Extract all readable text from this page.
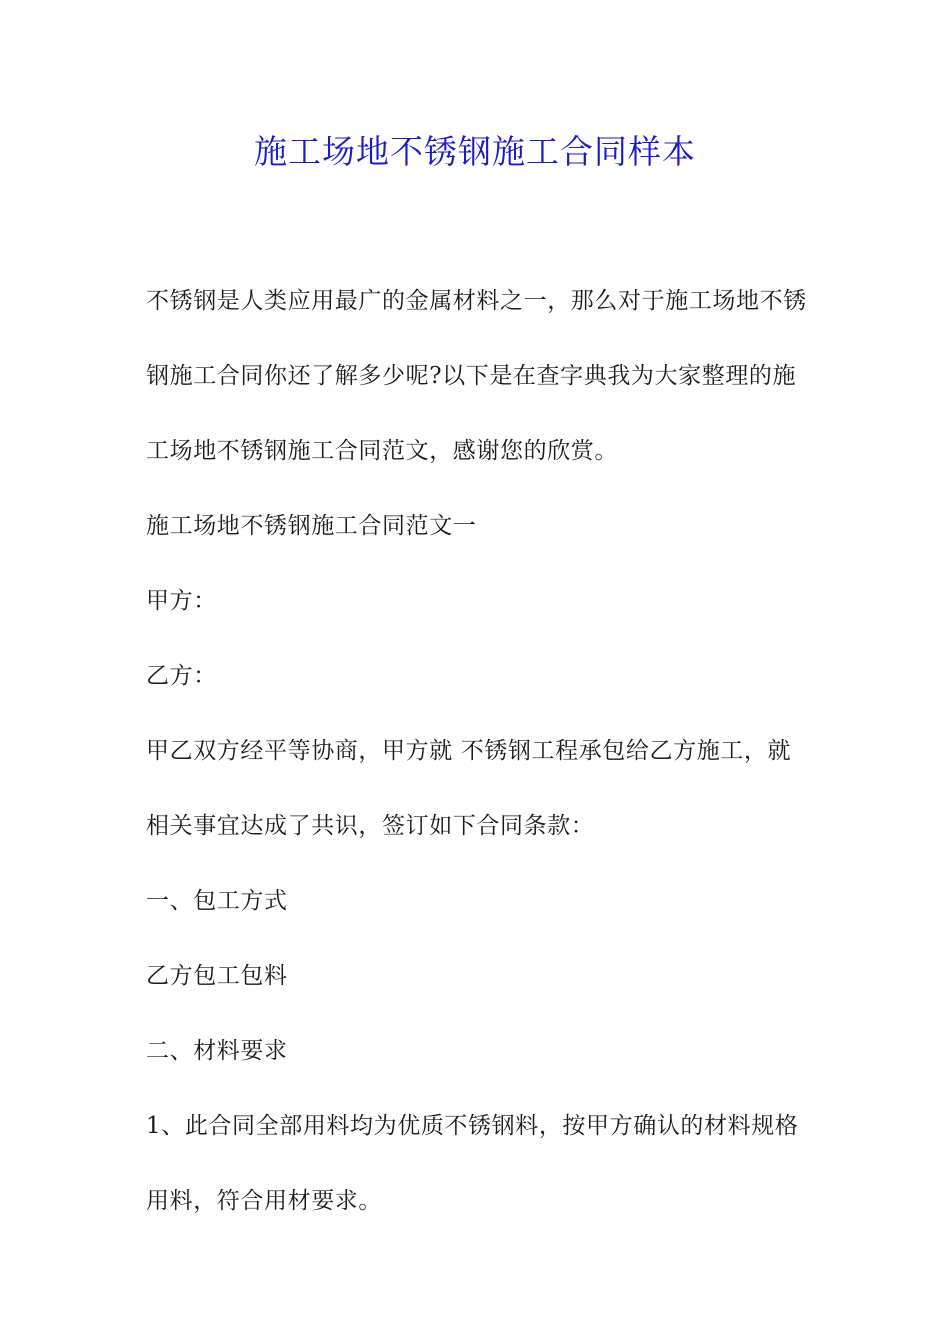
施工场地不锈钢施工合同样本

不锈钢是人类应用最广的金属材料之一，那么对于施工场地不锈钢施工合同你还了解多少呢?以下是在查字典我为大家整理的施工场地不锈钢施工合同范文，感谢您的欣赏。

施工场地不锈钢施工合同范文一

甲方：

乙方：

甲乙双方经平等协商，甲方就 不锈钢工程承包给乙方施工，就相关事宜达成了共识，签订如下合同条款：

一、包工方式

乙方包工包料

二、材料要求

1、此合同全部用料均为优质不锈钢料，按甲方确认的材料规格用料，符合用材要求。
